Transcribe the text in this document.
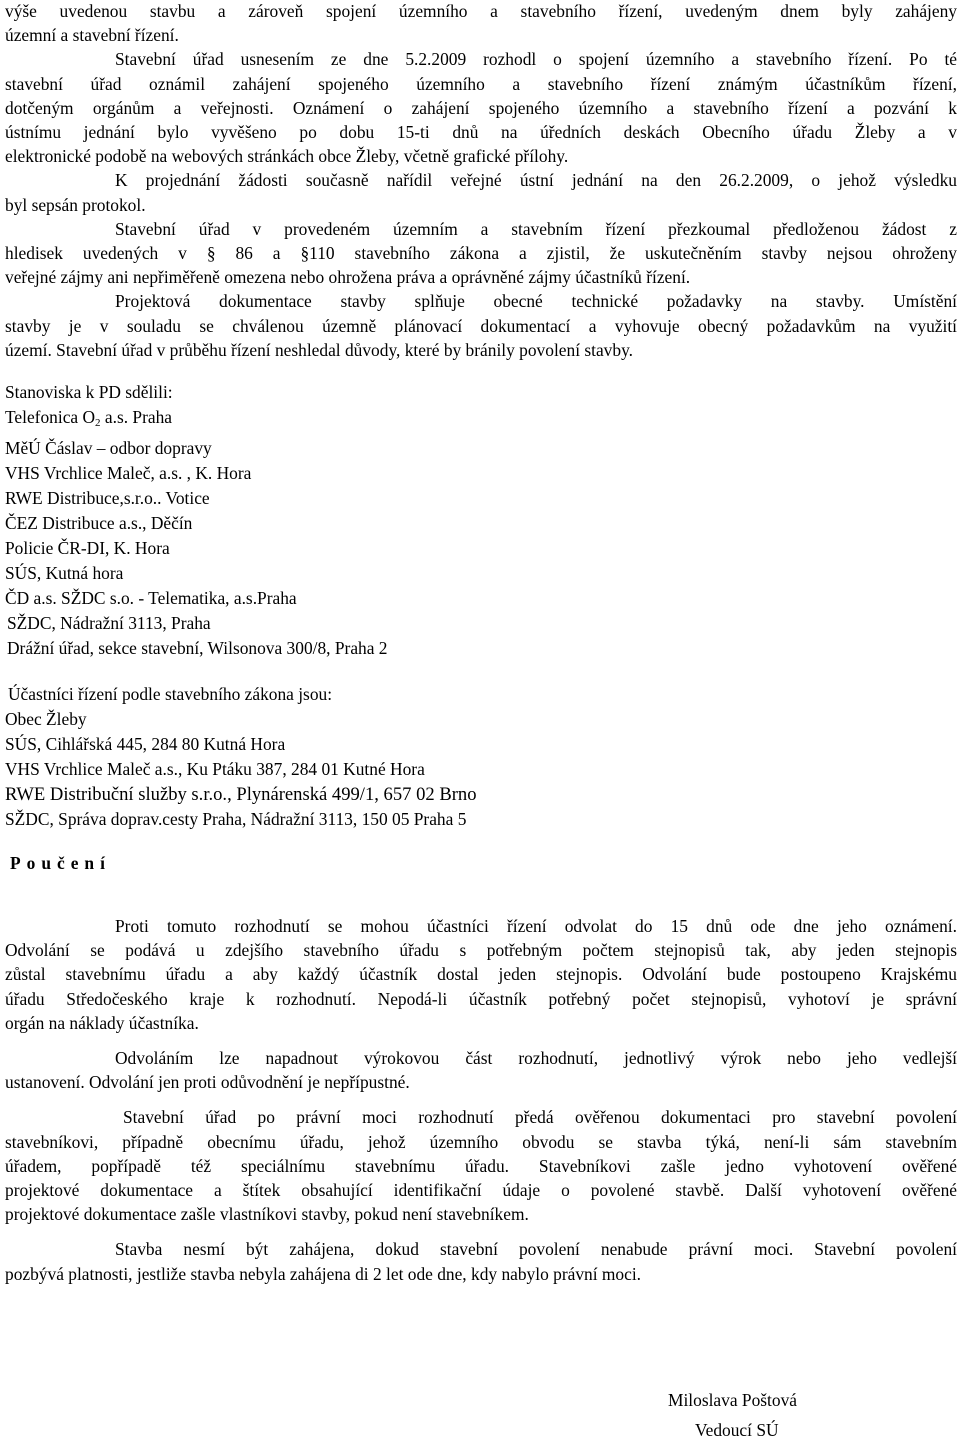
výše uvedenou stavbu a zároveň spojení územního a stavebního řízení, uvedeným dnem byly zahájeny

územní a stavební řízení.

Stavební úřad usnesením ze dne 5.2.2009 rozhodl o spojení územního a stavebního řízení. Po té

stavební úřad oznámil zahájení spojeného územního a stavebního řízení známým účastníkům řízení,

dotčeným orgánům a veřejnosti. Oznámení o zahájení spojeného územního a stavebního řízení a pozvání k

ústnímu jednání bylo vyvěšeno po dobu 15-ti dnů na úředních deskách Obecního úřadu Žleby a v

elektronické podobě na webových stránkách obce Žleby, včetně grafické přílohy.

K projednání žádosti současně nařídil veřejné ústní jednání na den 26.2.2009, o jehož výsledku

byl sepsán protokol.

Stavební úřad v provedeném územním a stavebním řízení přezkoumal předloženou žádost z

hledisek uvedených v § 86 a §110 stavebního zákona a zjistil, že uskutečněním stavby nejsou ohroženy

veřejné zájmy ani nepřiměřeně omezena nebo ohrožena práva a oprávněné zájmy účastníků řízení.

Projektová dokumentace stavby splňuje obecné technické požadavky na stavby. Umístění

stavby je v souladu se chválenou územně plánovací dokumentací a vyhovuje obecný požadavkům na využití

území. Stavební úřad v průběhu řízení neshledal důvody, které by bránily povolení stavby.

Stanoviska k PD sdělili:

Telefonica $O_2$ a.s. Praha

MěÚ Čáslav – odbor dopravy

VHS Vrchlice Maleč, a.s. , K. Hora

RWE Distribuce,s.r.o.. Votice

ČEZ Distribuce a.s., Děčín

Policie ČR-DI, K. Hora

SÚS, Kutná hora

ČD a.s. SŽDC s.o. - Telematika, a.s.Praha

SŽDC, Nádražní 3113, Praha

Drážní úřad, sekce stavební, Wilsonova 300/8, Praha 2

Účastníci řízení podle stavebního zákona jsou:

Obec Žleby

SÚS, Cihlářská 445, 284 80 Kutná Hora

VHS Vrchlice Maleč a.s., Ku Ptáku 387, 284 01 Kutné Hora

RWE Distribuční služby s.r.o., Plynárenská 499/1, 657 02 Brno

SŽDC, Správa doprav.cesty Praha, Nádražní 3113, 150 05 Praha 5

Poučení

Proti tomuto rozhodnutí se mohou účastníci řízení odvolat do 15 dnů ode dne jeho oznámení.

Odvolání se podává u zdejšího stavebního úřadu s potřebným počtem stejnopisů tak, aby jeden stejnopis

zůstal stavebnímu úřadu a aby každý účastník dostal jeden stejnopis. Odvolání bude postoupeno Krajskému

úřadu Středočeského kraje k rozhodnutí. Nepodá-li účastník potřebný počet stejnopisů, vyhotoví je správní

orgán na náklady účastníka.

Odvoláním lze napadnout výrokovou část rozhodnutí, jednotlivý výrok nebo jeho vedlejší

ustanovení. Odvolání jen proti odůvodnění je nepřípustné.

Stavební úřad po právní moci rozhodnutí předá ověřenou dokumentaci pro stavební povolení

stavebníkovi, případně obecnímu úřadu, jehož územního obvodu se stavba týká, není-li sám stavebním

úřadem, popřípadě též speciálnímu stavebnímu úřadu. Stavebníkovi zašle jedno vyhotovení ověřené

projektové dokumentace a štítek obsahující identifikační údaje o povolené stavbě. Další vyhotovení ověřené

projektové dokumentace zašle vlastníkovi stavby, pokud není stavebníkem.

Stavba nesmí být zahájena, dokud stavební povolení nenabude právní moci. Stavební povolení

pozbývá platnosti, jestliže stavba nebyla zahájena di 2 let ode dne, kdy nabylo právní moci.

Miloslava Poštová
Vedoucí SÚ
